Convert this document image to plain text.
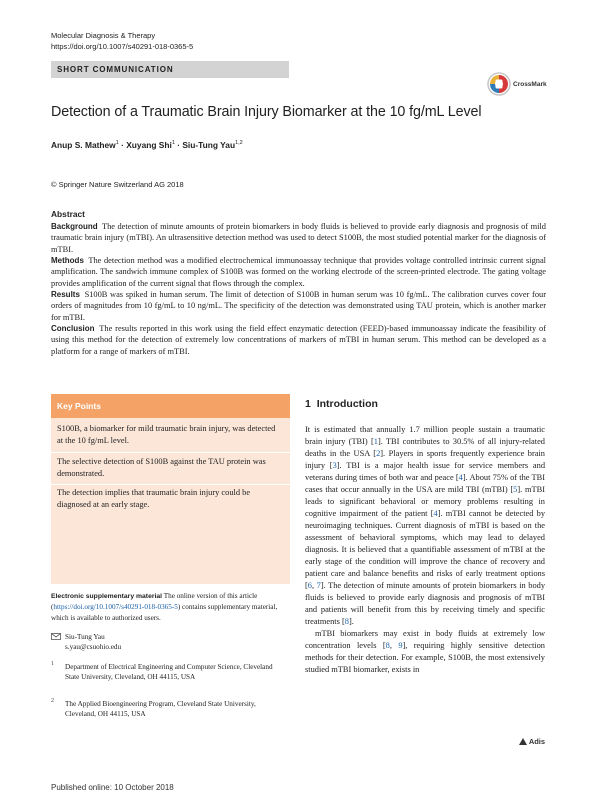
Molecular Diagnosis & Therapy
https://doi.org/10.1007/s40291-018-0365-5
SHORT COMMUNICATION
CrossMark
Detection of a Traumatic Brain Injury Biomarker at the 10 fg/mL Level
Anup S. Mathew$^1$ · Xuyang Shi$^1$ · Siu-Tung Yau$^{1,2}$
© Springer Nature Switzerland AG 2018
Abstract

Background The detection of minute amounts of protein biomarkers in body fluids is believed to provide early diagnosis and prognosis of mild traumatic brain injury (mTBI). An ultrasensitive detection method was used to detect S100B, the most studied potential marker for the diagnosis of mTBI.

Methods The detection method was a modified electrochemical immunoassay technique that provides voltage controlled intrinsic current signal amplification. The sandwich immune complex of S100B was formed on the working electrode of the screen-printed electrode. The gating voltage provides amplification of the current signal that flows through the complex.

Results S100B was spiked in human serum. The limit of detection of S100B in human serum was 10 fg/mL. The calibration curves cover four orders of magnitudes from 10 fg/mL to 10 ng/mL. The specificity of the detection was demonstrated using TAU protein, which is another marker for mTBI.

Conclusion The results reported in this work using the field effect enzymatic detection (FEED)-based immunoassay indicate the feasibility of using this method for the detection of extremely low concentrations of markers of mTBI in human serum. This method can be developed as a platform for a range of markers of mTBI.

Key Points
S100B, a biomarker for mild traumatic brain injury, was detected at the 10 fg/mL level.
The selective detection of S100B against the TAU protein was demonstrated.
The detection implies that traumatic brain injury could be diagnosed at an early stage.
Electronic supplementary material The online version of this article (https://doi.org/10.1007/s40291-018-0365-5) contains supplementary material, which is available to authorized users.
Siu-Tung Yau
s.yau@csuohio.edu
1 Department of Electrical Engineering and Computer Science, Cleveland State University, Cleveland, OH 44115, USA
2 The Applied Bioengineering Program, Cleveland State University, Cleveland, OH 44115, USA
1 Introduction

It is estimated that annually 1.7 million people sustain a traumatic brain injury (TBI) [1]. TBI contributes to 30.5% of all injury-related deaths in the USA [2]. Players in sports frequently experience brain injury [3]. TBI is a major health issue for service members and veterans during times of both war and peace [4]. About 75% of the TBI cases that occur annually in the USA are mild TBI (mTBI) [5]. mTBI leads to significant behavioral or memory problems resulting in cognitive impairment of the patient [4]. mTBI cannot be detected by neuroimaging techniques. Current diagnosis of mTBI is based on the assessment of behavioral symptoms, which may lead to delayed diagnosis. It is believed that a quantifiable assessment of mTBI at the early stage of the condition will improve the chance of recovery and patient care and balance benefits and risks of early treatment options [6, 7]. The detection of minute amounts of protein biomarkers in body fluids is believed to provide early diagnosis and prognosis of mTBI and patients will benefit from this by receiving timely and specific treatments [8].

mTBI biomarkers may exist in body fluids at extremely low concentration levels [8, 9], requiring highly sensitive detection methods for their detection. For example, S100B, the most extensively studied mTBI biomarker, exists in

Published online: 10 October 2018
Adis
